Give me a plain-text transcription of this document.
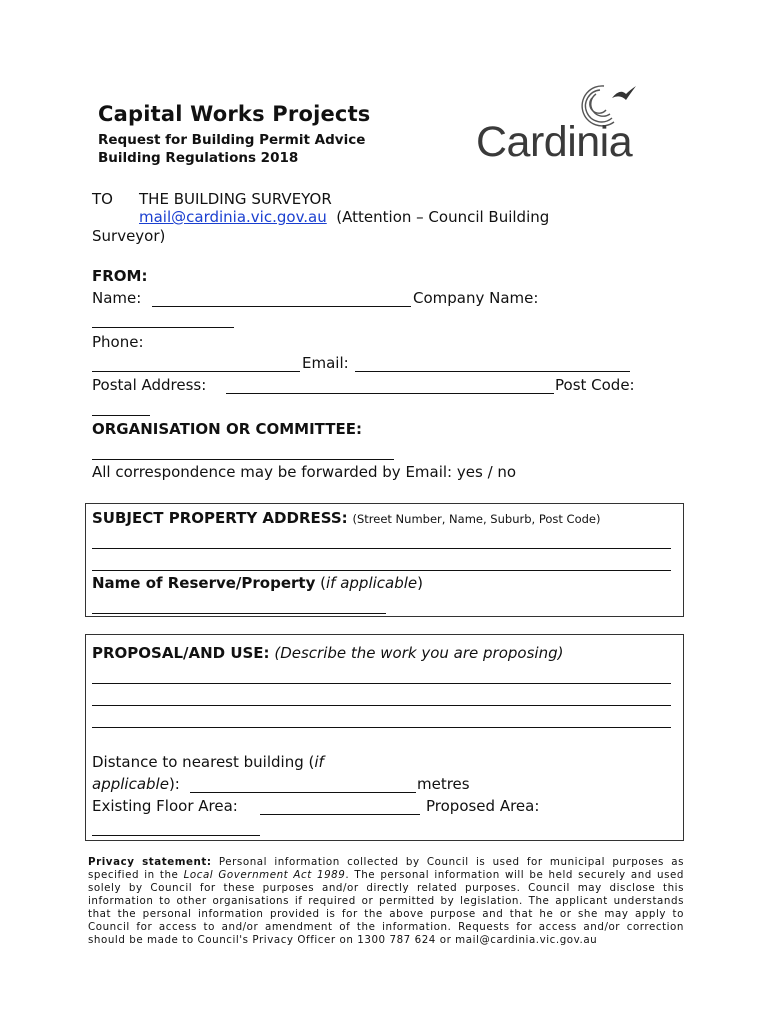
Capital Works Projects
Request for Building Permit Advice
Building Regulations 2018	Cardinia
TO THE BUILDING SURVEYOR
mail@cardinia.vic.gov.au (Attention – Council Building
Surveyor)
FROM:
Name:	Company Name:
Phone:
Email:
Postal Address:	Post Code:
ORGANISATION OR COMMITTEE:
All correspondence may be forwarded by Email: yes / no
SUBJECT PROPERTY ADDRESS: (Street Number, Name, Suburb, Post Code)
Name of Reserve/Property (if applicable)
PROPOSAL/AND USE: (Describe the work you are proposing)
Distance to nearest building (if
applicable):	metres
Existing Floor Area:	Proposed Area:
Privacy statement: Personal information collected by Council is used for municipal purposes as specified in the Local Government Act 1989. The personal information will be held securely and used solely by Council for these purposes and/or directly related purposes. Council may disclose this information to other organisations if required or permitted by legislation. The applicant understands that the personal information provided is for the above purpose and that he or she may apply to Council for access to and/or amendment of the information. Requests for access and/or correction should be made to Council's Privacy Officer on 1300 787 624 or mail@cardinia.vic.gov.au
